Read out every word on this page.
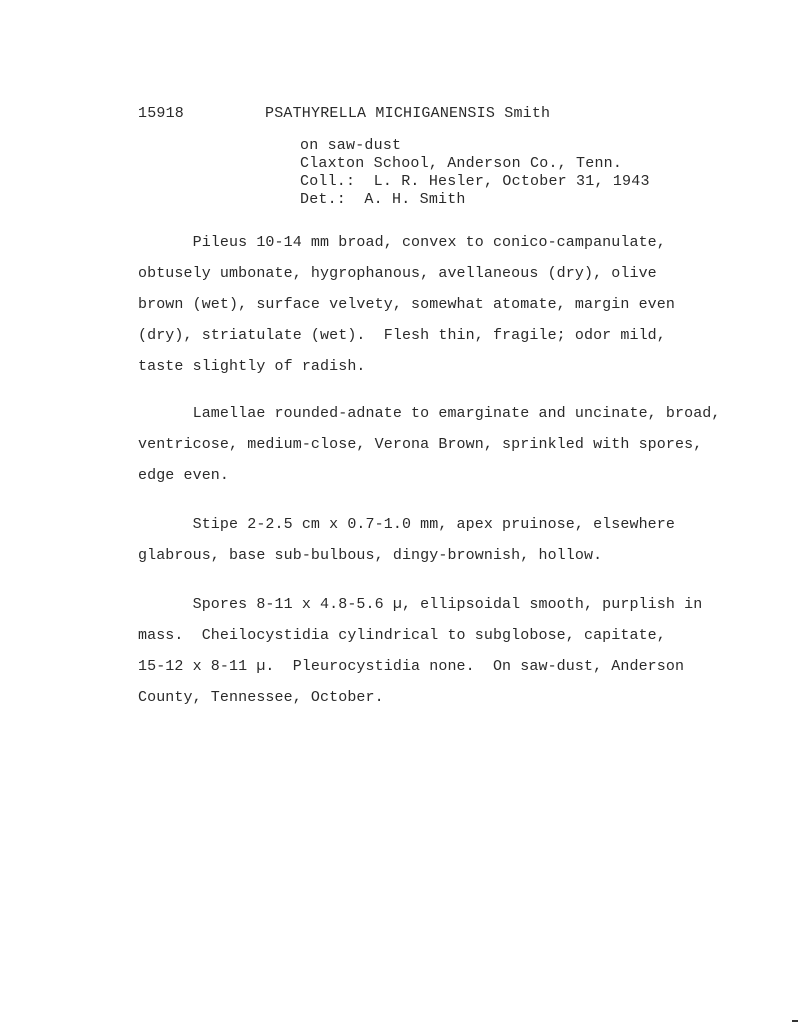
15918	PSATHYRELLA MICHIGANENSIS Smith
on saw-dust
Claxton School, Anderson Co., Tenn.
Coll.:  L. R. Hesler, October 31, 1943
Det.:  A. H. Smith
Pileus 10-14 mm broad, convex to conico-campanulate,
obtusely umbonate, hygrophanous, avellaneous (dry), olive
brown (wet), surface velvety, somewhat atomate, margin even
(dry), striatulate (wet).  Flesh thin, fragile; odor mild,
taste slightly of radish.
Lamellae rounded-adnate to emarginate and uncinate, broad,
ventricose, medium-close, Verona Brown, sprinkled with spores,
edge even.
Stipe 2-2.5 cm x 0.7-1.0 mm, apex pruinose, elsewhere
glabrous, base sub-bulbous, dingy-brownish, hollow.
Spores 8-11 x 4.8-5.6 µ, ellipsoidal smooth, purplish in
mass.  Cheilocystidia cylindrical to subglobose, capitate,
15-12 x 8-11 µ.  Pleurocystidia none.  On saw-dust, Anderson
County, Tennessee, October.
